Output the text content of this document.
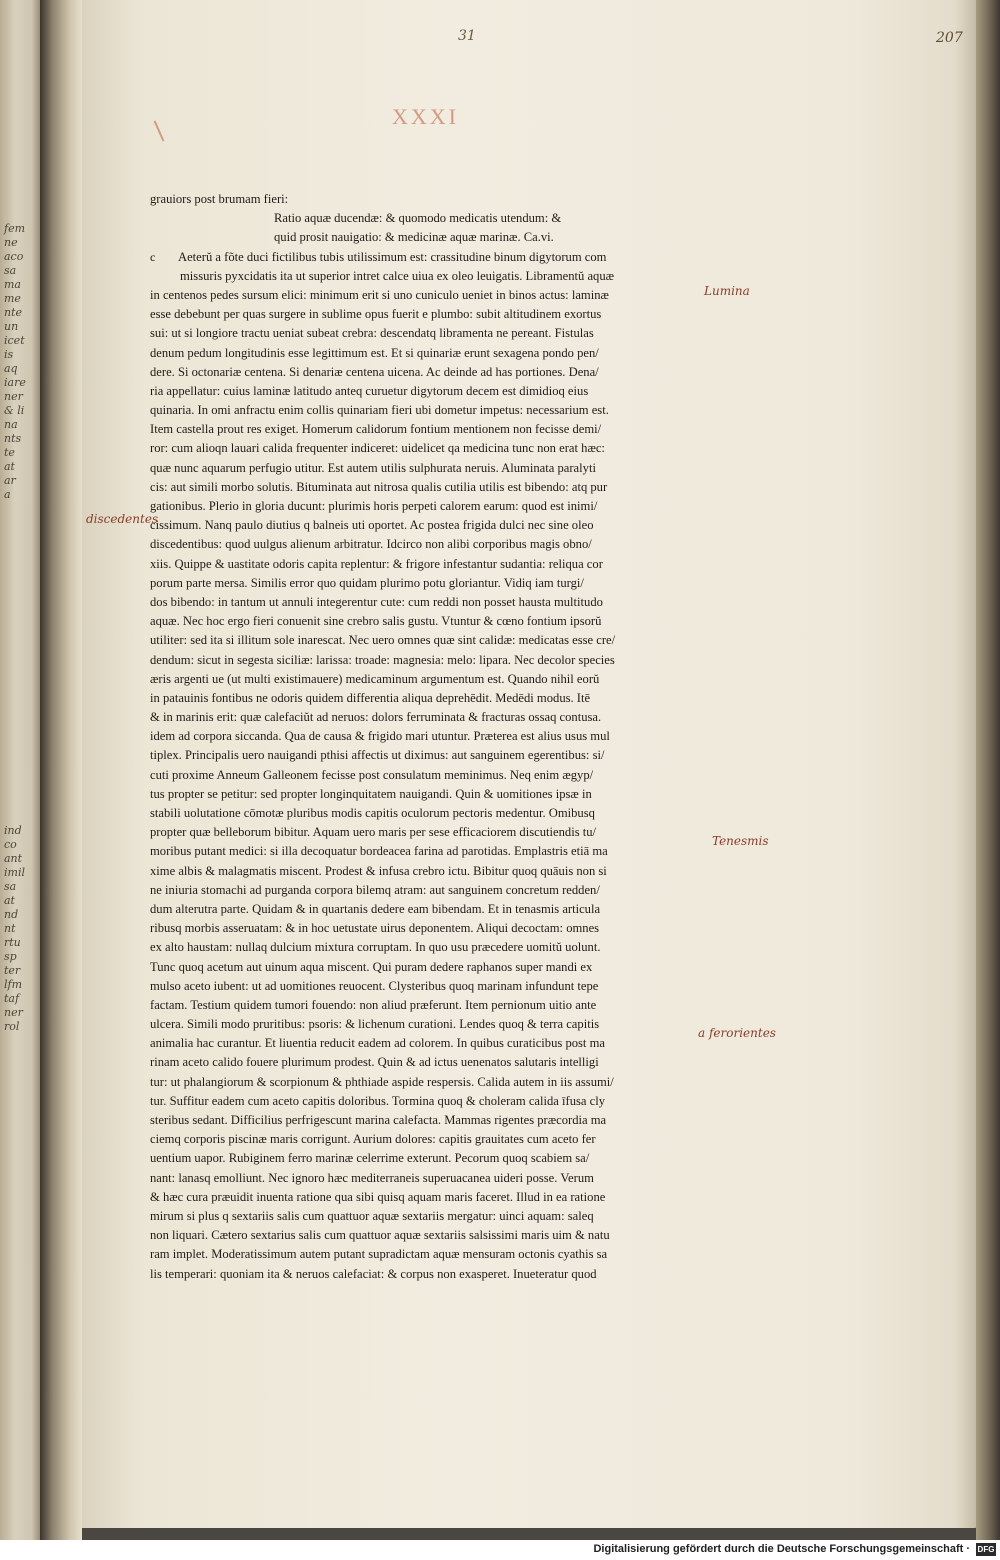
fem
ne
aco
sa
ma
me
nte
un
icet
is
aq
iare
ner
& li
na
nts
te
at
ar
a

ind
co
ant
imil
sa
at
nd
nt
rtu
sp
ter
lfm
taf
ner
rol
31	207
XXXI
grauiors post brumam fieri:
Ratio aquæ ducendæ: & quomodo medicatis utendum: &
quid prosit nauigatio: & medicinæ aquæ marinæ. Ca.vi.
c Aeterŭ a fõte duci fictilibus tubis utilissimum est: crassitudine binum digytorum com
missuris pyxcidatis ita ut superior intret calce uiua ex oleo leuigatis. Libramentŭ aquæ
in centenos pedes sursum elici: minimum erit si uno cuniculo ueniet in binos actus: laminæ
esse debebunt per quas surgere in sublime opus fuerit e plumbo: subit altitudinem exortus
sui: ut si longiore tractu ueniat subeat crebra: descendatq libramenta ne pereant. Fistulas
denum pedum longitudinis esse legittimum est. Et si quinariæ erunt sexagena pondo pen/
dere. Si octonariæ centena. Si denariæ centena uicena. Ac deinde ad has portiones. Dena/
ria appellatur: cuius laminæ latitudo anteq curuetur digytorum decem est dimidioq eius
quinaria. In omi anfractu enim collis quinariam fieri ubi dometur impetus: necessarium est.
Item castella prout res exiget. Homerum calidorum fontium mentionem non fecisse demi/
ror: cum alioqn lauari calida frequenter indiceret: uidelicet qa medicina tunc non erat hæc:
quæ nunc aquarum perfugio utitur. Est autem utilis sulphurata neruis. Aluminata paralyti
cis: aut simili morbo solutis. Bituminata aut nitrosa qualis cutilia utilis est bibendo: atq pur
gationibus. Plerio in gloria ducunt: plurimis horis perpeti calorem earum: quod est inimi/
cissimum. Nanq paulo diutius q balneis uti oportet. Ac postea frigida dulci nec sine oleo
discedentibus: quod uulgus alienum arbitratur. Idcirco non alibi corporibus magis obno/
xiis. Quippe & uastitate odoris capita replentur: & frigore infestantur sudantia: reliqua cor
porum parte mersa. Similis error quo quidam plurimo potu gloriantur. Vidiq iam turgi/
dos bibendo: in tantum ut annuli integerentur cute: cum reddi non posset hausta multitudo
aquæ. Nec hoc ergo fieri conuenit sine crebro salis gustu. Vtuntur & cœno fontium ipsorŭ
utiliter: sed ita si illitum sole inarescat. Nec uero omnes quæ sint calidæ: medicatas esse cre/
dendum: sicut in segesta siciliæ: larissa: troade: magnesia: melo: lipara. Nec decolor species
æris argenti ue (ut multi existimauere) medicaminum argumentum est. Quando nihil eorŭ
in patauinis fontibus ne odoris quidem differentia aliqua deprehēdit. Medēdi modus. Itē
& in marinis erit: quæ calefaciŭt ad neruos: dolors ferruminata & fracturas ossaq contusa.
idem ad corpora siccanda. Qua de causa & frigido mari utuntur. Præterea est alius usus mul
tiplex. Principalis uero nauigandi pthisi affectis ut diximus: aut sanguinem egerentibus: si/
cuti proxime Anneum Galleonem fecisse post consulatum meminimus. Neq enim ægyp/
tus propter se petitur: sed propter longinquitatem nauigandi. Quin & uomitiones ipsæ in
stabili uolutatione cōmotæ pluribus modis capitis oculorum pectoris medentur. Omibusq
propter quæ belleborum bibitur. Aquam uero maris per sese efficaciorem discutiendis tu/
moribus putant medici: si illa decoquatur bordeacea farina ad parotidas. Emplastris etiā ma
xime albis & malagmatis miscent. Prodest & infusa crebro ictu. Bibitur quoq quāuis non si
ne iniuria stomachi ad purganda corpora bilemq atram: aut sanguinem concretum redden/
dum alterutra parte. Quidam & in quartanis dedere eam bibendam. Et in tenasmis articula
ribusq morbis asseruatam: & in hoc uetustate uirus deponentem. Aliqui decoctam: omnes
ex alto haustam: nullaq dulcium mixtura corruptam. In quo usu præcedere uomitŭ uolunt.
Tunc quoq acetum aut uinum aqua miscent. Qui puram dedere raphanos super mandi ex
mulso aceto iubent: ut ad uomitiones reuocent. Clysteribus quoq marinam infundunt tepe
factam. Testium quidem tumori fouendo: non aliud præferunt. Item pernionum uitio ante
ulcera. Simili modo pruritibus: psoris: & lichenum curationi. Lendes quoq & terra capitis
animalia hac curantur. Et liuentia reducit eadem ad colorem. In quibus curaticibus post ma
rinam aceto calido fouere plurimum prodest. Quin & ad ictus uenenatos salutaris intelligi
tur: ut phalangiorum & scorpionum & phthiade aspide respersis. Calida autem in iis assumi/
tur. Suffitur eadem cum aceto capitis doloribus. Tormina quoq & choleram calida īfusa cly
steribus sedant. Difficilius perfrigescunt marina calefacta. Mammas rigentes præcordia ma
ciemq corporis piscinæ maris corrigunt. Aurium dolores: capitis grauitates cum aceto fer
uentium uapor. Rubiginem ferro marinæ celerrime exterunt. Pecorum quoq scabiem sa/
nant: lanasq emolliunt. Nec ignoro hæc mediterraneis superuacanea uideri posse. Verum
& hæc cura præuidit inuenta ratione qua sibi quisq aquam maris faceret. Illud in ea ratione
mirum si plus q sextariis salis cum quattuor aquæ sextariis mergatur: uinci aquam: saleq
non liquari. Cætero sextarius salis cum quattuor aquæ sextariis salsissimi maris uim & natu
ram implet. Moderatissimum autem putant supradictam aquæ mensuram octonis cyathis sa
lis temperari: quoniam ita & neruos calefaciat: & corpus non exasperet. Inueteratur quod
Lumina
discedentes
Tenesmis
a ferorientes
Digitalisierung gefördert durch die Deutsche Forschungsgemeinschaft · DFG
